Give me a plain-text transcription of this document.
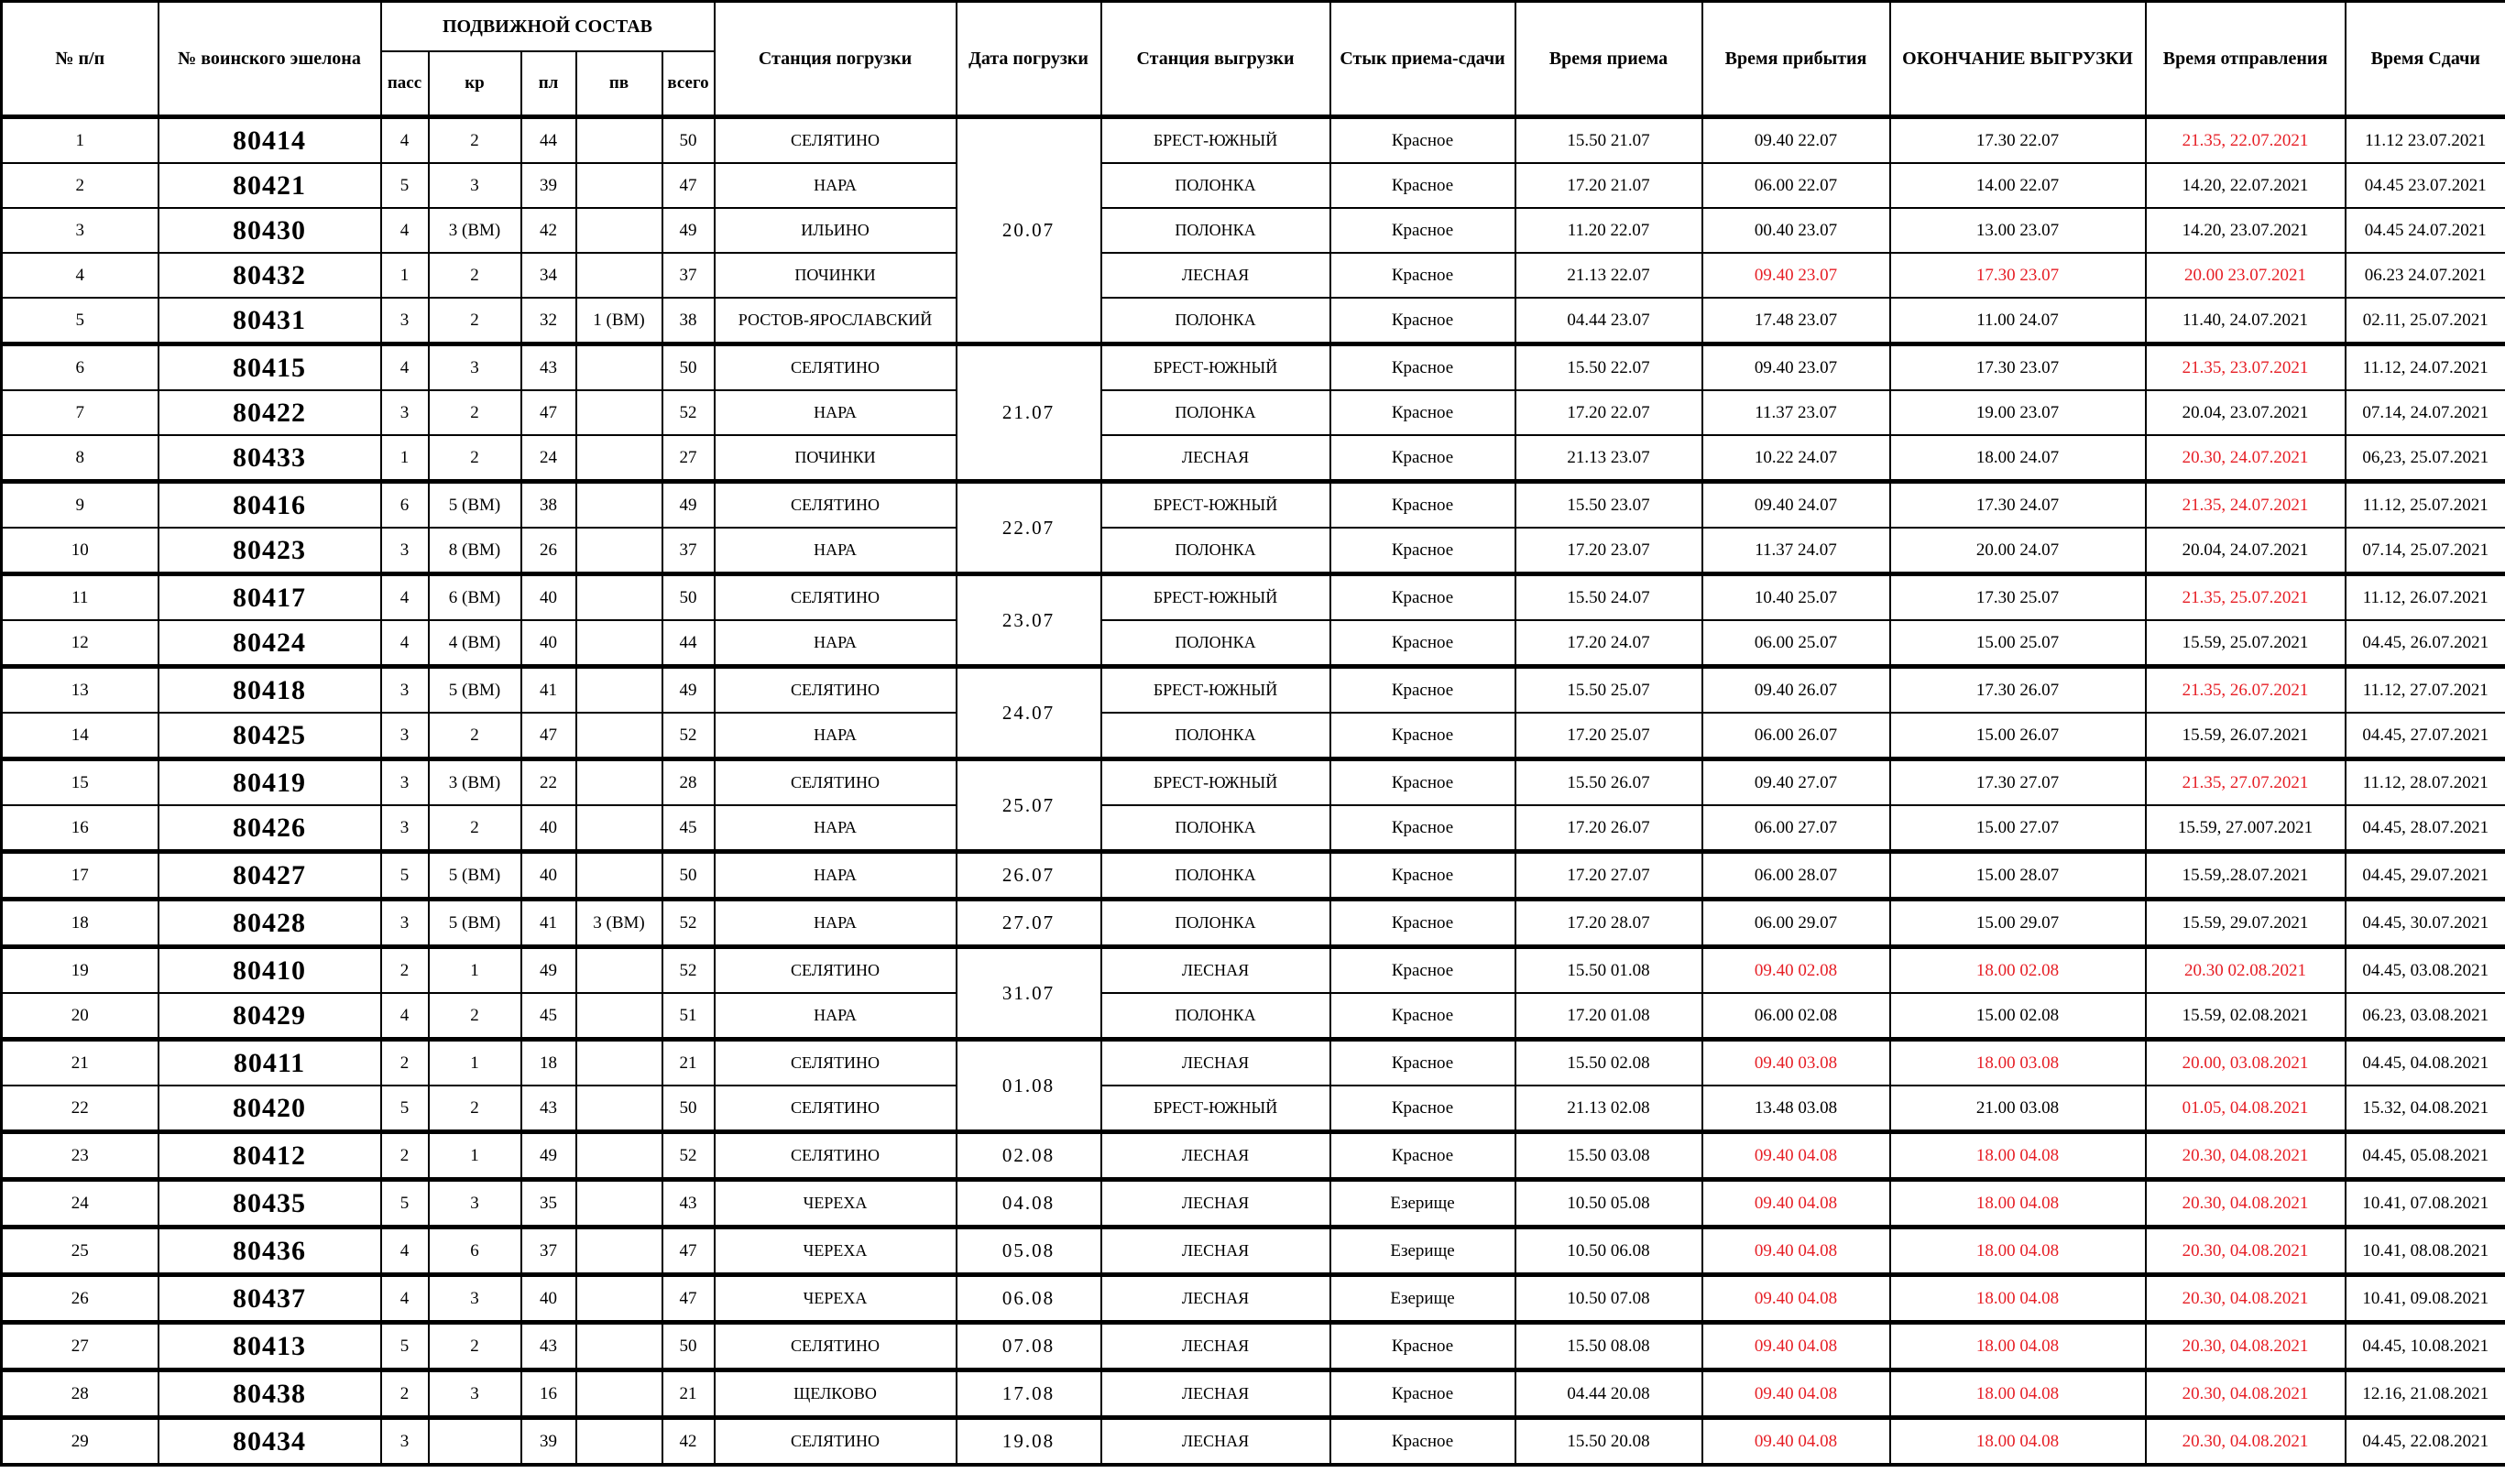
№ п/п	№ воинского эшелона	ПОДВИЖНОЙ СОСТАВ					Станция погрузки	Дата погрузки	Станция выгрузки	Стык приема-сдачи	Время приема	Время прибытия	ОКОНЧАНИЕ ВЫГРУЗКИ	Время отправления	Время Сдачи
		пасс	кр	пл	пв	всего									
1	80414	4	2	44		50	СЕЛЯТИНО	20.07	БРЕСТ-ЮЖНЫЙ	Красное	15.50 21.07	09.40 22.07	17.30 22.07	21.35, 22.07.2021	11.12 23.07.2021
2	80421	5	3	39		47	НАРА		ПОЛОНКА	Красное	17.20 21.07	06.00 22.07	14.00 22.07	14.20, 22.07.2021	04.45 23.07.2021
3	80430	4	3 (ВМ)	42		49	ИЛЬИНО		ПОЛОНКА	Красное	11.20 22.07	00.40 23.07	13.00 23.07	14.20, 23.07.2021	04.45 24.07.2021
4	80432	1	2	34		37	ПОЧИНКИ		ЛЕСНАЯ	Красное	21.13 22.07	09.40 23.07	17.30 23.07	20.00 23.07.2021	06.23 24.07.2021
5	80431	3	2	32	1 (ВМ)	38	РОСТОВ-ЯРОСЛАВСКИЙ		ПОЛОНКА	Красное	04.44 23.07	17.48 23.07	11.00 24.07	11.40, 24.07.2021	02.11, 25.07.2021
6	80415	4	3	43		50	СЕЛЯТИНО	21.07	БРЕСТ-ЮЖНЫЙ	Красное	15.50 22.07	09.40 23.07	17.30 23.07	21.35, 23.07.2021	11.12, 24.07.2021
7	80422	3	2	47		52	НАРА		ПОЛОНКА	Красное	17.20 22.07	11.37 23.07	19.00 23.07	20.04, 23.07.2021	07.14, 24.07.2021
8	80433	1	2	24		27	ПОЧИНКИ		ЛЕСНАЯ	Красное	21.13 23.07	10.22 24.07	18.00 24.07	20.30, 24.07.2021	06,23, 25.07.2021
9	80416	6	5 (ВМ)	38		49	СЕЛЯТИНО	22.07	БРЕСТ-ЮЖНЫЙ	Красное	15.50 23.07	09.40 24.07	17.30 24.07	21.35, 24.07.2021	11.12, 25.07.2021
10	80423	3	8 (ВМ)	26		37	НАРА		ПОЛОНКА	Красное	17.20 23.07	11.37 24.07	20.00 24.07	20.04, 24.07.2021	07.14, 25.07.2021
11	80417	4	6 (ВМ)	40		50	СЕЛЯТИНО	23.07	БРЕСТ-ЮЖНЫЙ	Красное	15.50 24.07	10.40 25.07	17.30 25.07	21.35, 25.07.2021	11.12, 26.07.2021
12	80424	4	4 (ВМ)	40		44	НАРА		ПОЛОНКА	Красное	17.20 24.07	06.00 25.07	15.00 25.07	15.59, 25.07.2021	04.45, 26.07.2021
13	80418	3	5 (ВМ)	41		49	СЕЛЯТИНО	24.07	БРЕСТ-ЮЖНЫЙ	Красное	15.50 25.07	09.40 26.07	17.30 26.07	21.35, 26.07.2021	11.12, 27.07.2021
14	80425	3	2	47		52	НАРА		ПОЛОНКА	Красное	17.20 25.07	06.00 26.07	15.00 26.07	15.59, 26.07.2021	04.45, 27.07.2021
15	80419	3	3 (ВМ)	22		28	СЕЛЯТИНО	25.07	БРЕСТ-ЮЖНЫЙ	Красное	15.50 26.07	09.40 27.07	17.30 27.07	21.35, 27.07.2021	11.12, 28.07.2021
16	80426	3	2	40		45	НАРА		ПОЛОНКА	Красное	17.20 26.07	06.00 27.07	15.00 27.07	15.59, 27.007.2021	04.45, 28.07.2021
17	80427	5	5 (ВМ)	40		50	НАРА	26.07	ПОЛОНКА	Красное	17.20 27.07	06.00 28.07	15.00 28.07	15.59,.28.07.2021	04.45, 29.07.2021
18	80428	3	5 (ВМ)	41	3 (ВМ)	52	НАРА	27.07	ПОЛОНКА	Красное	17.20 28.07	06.00 29.07	15.00 29.07	15.59, 29.07.2021	04.45, 30.07.2021
19	80410	2	1	49		52	СЕЛЯТИНО	31.07	ЛЕСНАЯ	Красное	15.50 01.08	09.40 02.08	18.00 02.08	20.30 02.08.2021	04.45, 03.08.2021
20	80429	4	2	45		51	НАРА		ПОЛОНКА	Красное	17.20 01.08	06.00 02.08	15.00 02.08	15.59, 02.08.2021	06.23, 03.08.2021
21	80411	2	1	18		21	СЕЛЯТИНО	01.08	ЛЕСНАЯ	Красное	15.50 02.08	09.40 03.08	18.00 03.08	20.00, 03.08.2021	04.45, 04.08.2021
22	80420	5	2	43		50	СЕЛЯТИНО		БРЕСТ-ЮЖНЫЙ	Красное	21.13 02.08	13.48 03.08	21.00 03.08	01.05, 04.08.2021	15.32, 04.08.2021
23	80412	2	1	49		52	СЕЛЯТИНО	02.08	ЛЕСНАЯ	Красное	15.50 03.08	09.40 04.08	18.00 04.08	20.30, 04.08.2021	04.45, 05.08.2021
24	80435	5	3	35		43	ЧЕРЕХА	04.08	ЛЕСНАЯ	Езерище	10.50 05.08	09.40 04.08	18.00 04.08	20.30, 04.08.2021	10.41, 07.08.2021
25	80436	4	6	37		47	ЧЕРЕХА	05.08	ЛЕСНАЯ	Езерище	10.50 06.08	09.40 04.08	18.00 04.08	20.30, 04.08.2021	10.41, 08.08.2021
26	80437	4	3	40		47	ЧЕРЕХА	06.08	ЛЕСНАЯ	Езерище	10.50 07.08	09.40 04.08	18.00 04.08	20.30, 04.08.2021	10.41, 09.08.2021
27	80413	5	2	43		50	СЕЛЯТИНО	07.08	ЛЕСНАЯ	Красное	15.50 08.08	09.40 04.08	18.00 04.08	20.30, 04.08.2021	04.45, 10.08.2021
28	80438	2	3	16		21	ЩЕЛКОВО	17.08	ЛЕСНАЯ	Красное	04.44 20.08	09.40 04.08	18.00 04.08	20.30, 04.08.2021	12.16, 21.08.2021
29	80434	3		39		42	СЕЛЯТИНО	19.08	ЛЕСНАЯ	Красное	15.50 20.08	09.40 04.08	18.00 04.08	20.30, 04.08.2021	04.45, 22.08.2021
